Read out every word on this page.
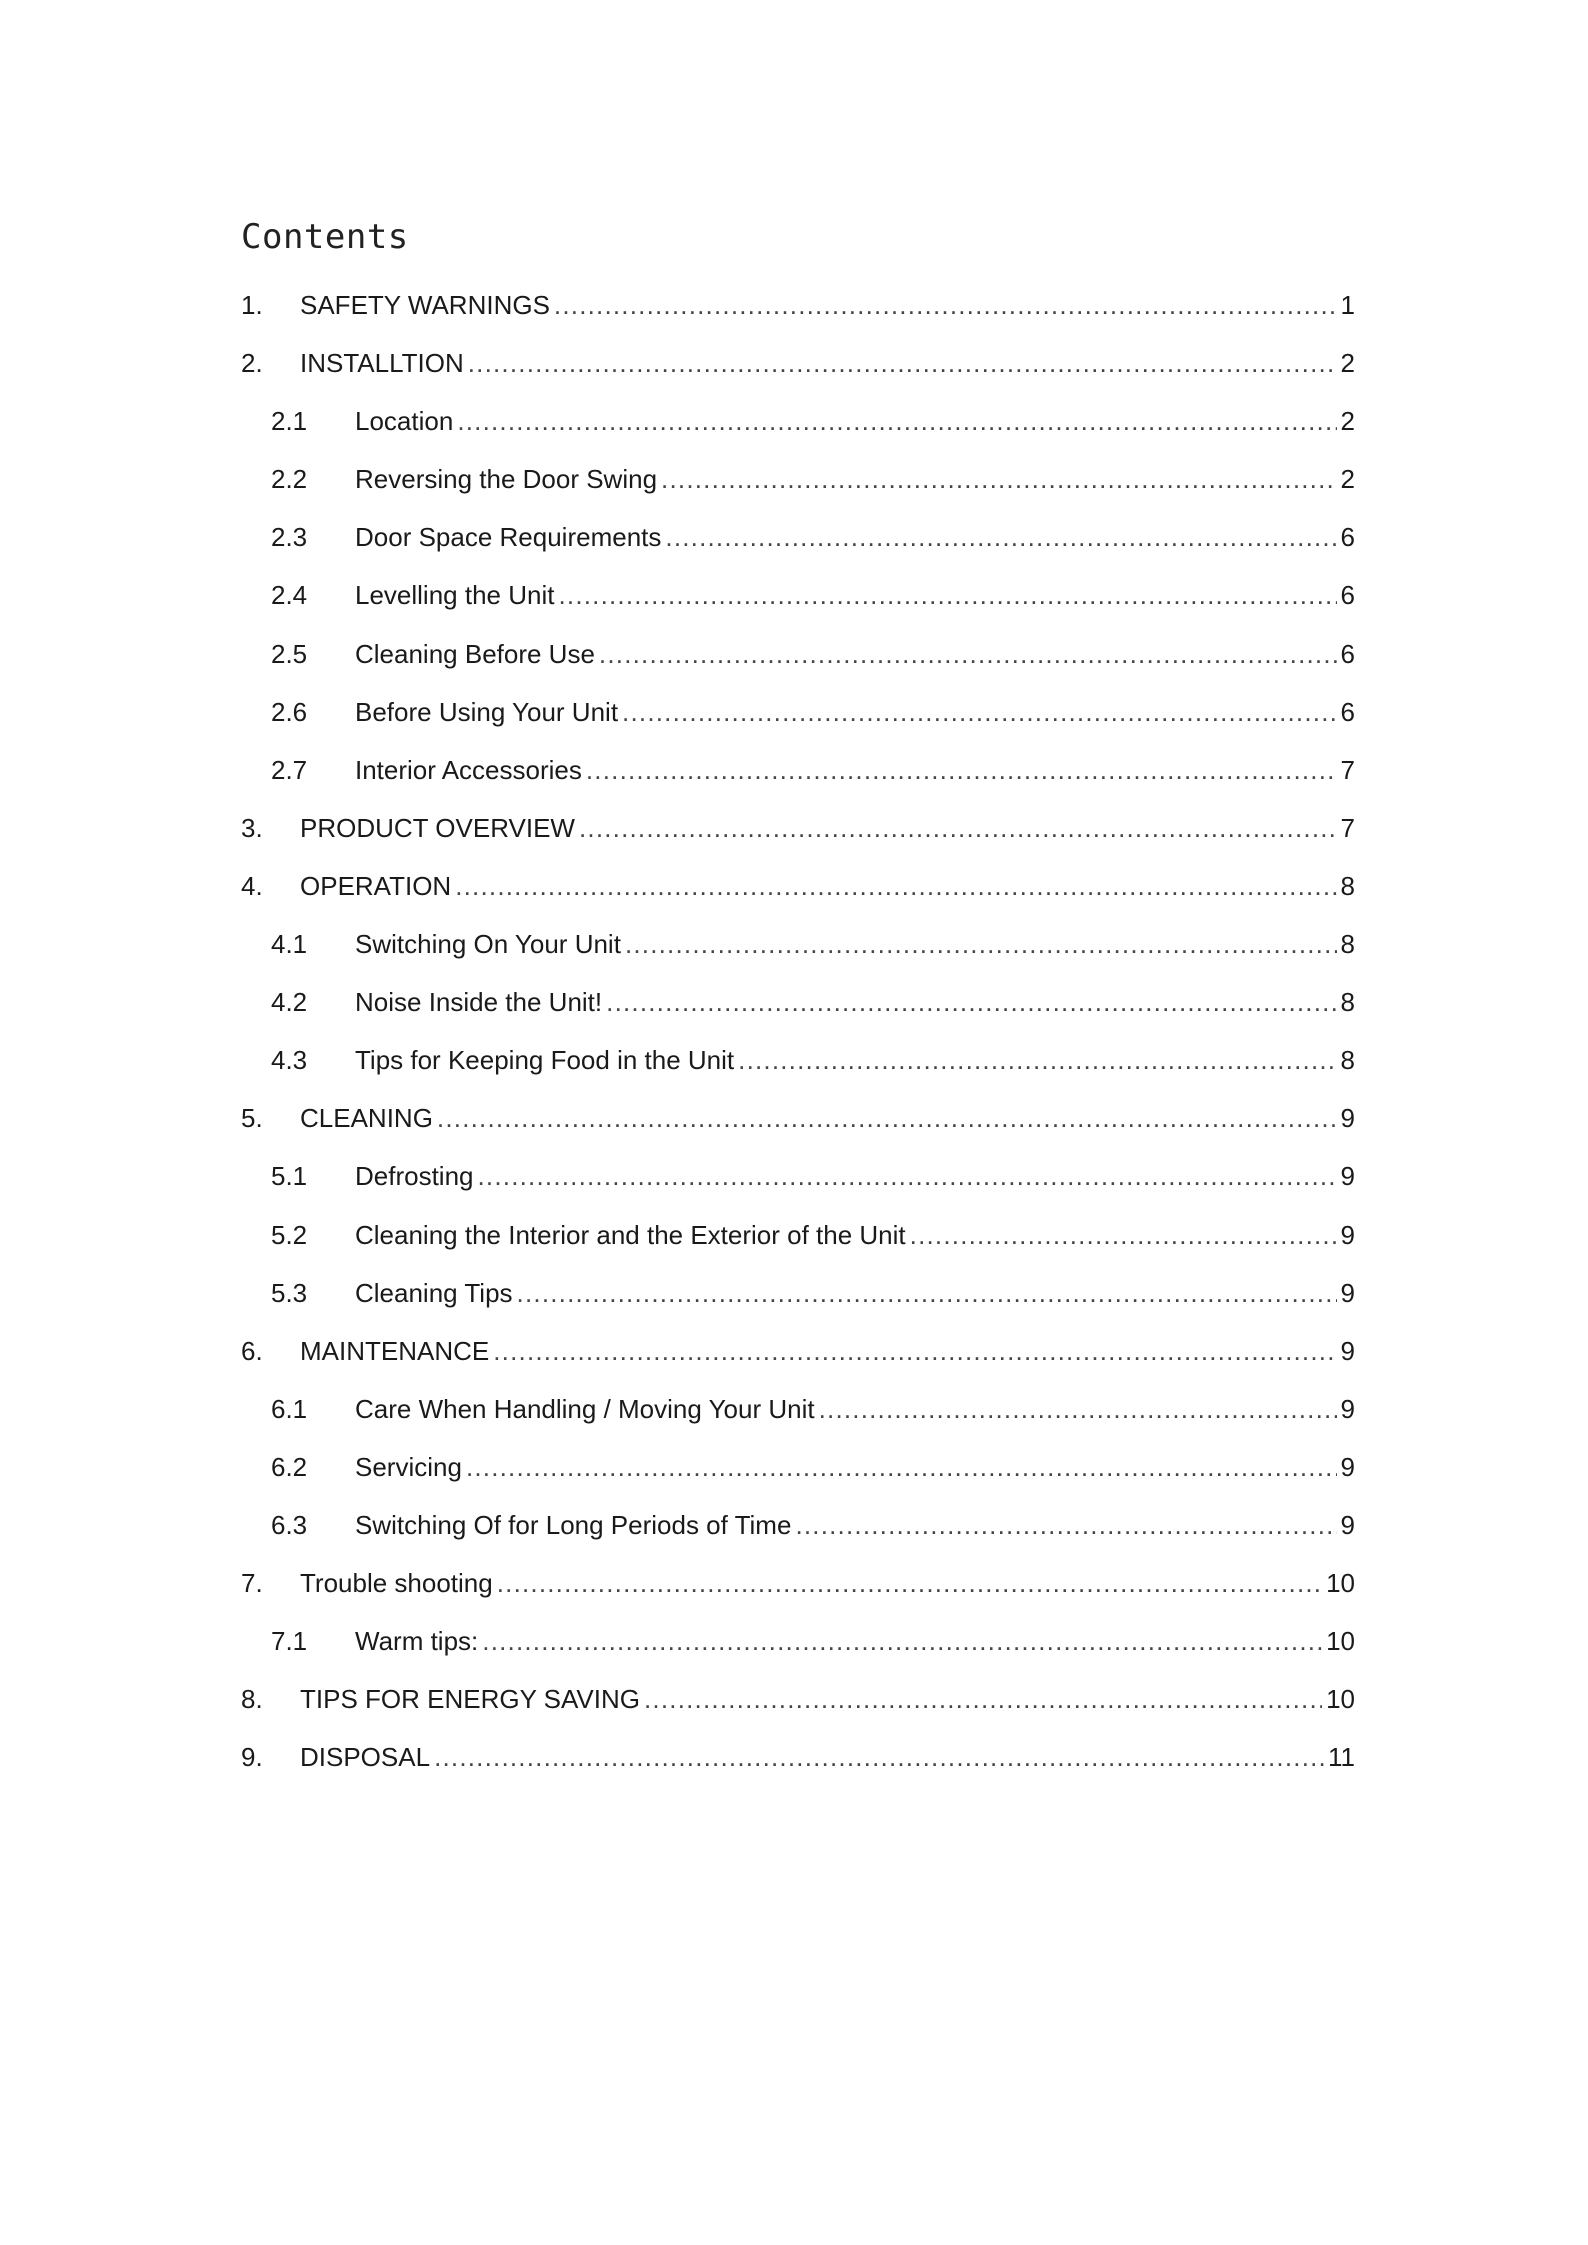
Contents
1.	SAFETY WARNINGS .....	1
2.	INSTALLTION .....	2
2.1	Location .....	2
2.2	Reversing the Door Swing .....	2
2.3	Door Space Requirements .....	6
2.4	Levelling the Unit .....	6
2.5	Cleaning Before Use .....	6
2.6	Before Using Your Unit .....	6
2.7	Interior Accessories .....	7
3.	PRODUCT OVERVIEW .....	7
4.	OPERATION .....	8
4.1	Switching On Your Unit .....	8
4.2	Noise Inside the Unit! .....	8
4.3	Tips for Keeping Food in the Unit .....	8
5.	CLEANING .....	9
5.1	Defrosting .....	9
5.2	Cleaning the Interior and the Exterior of the Unit .....	9
5.3	Cleaning Tips .....	9
6.	MAINTENANCE .....	9
6.1	Care When Handling / Moving Your Unit .....	9
6.2	Servicing .....	9
6.3	Switching Of for Long Periods of Time .....	9
7.	Trouble shooting .....	10
7.1	Warm tips: .....	10
8.	TIPS FOR ENERGY SAVING .....	10
9.	DISPOSAL .....	11
